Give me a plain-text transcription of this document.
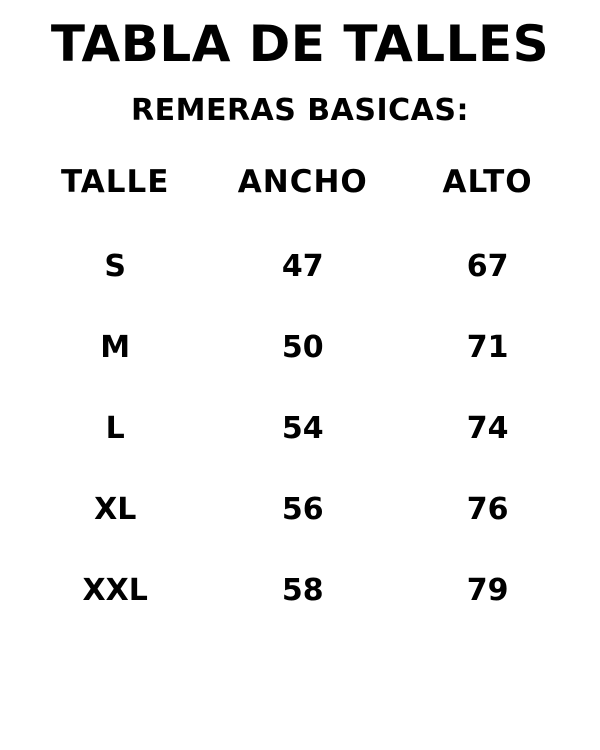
TABLA DE TALLES
REMERAS BASICAS:
TALLE	ANCHO	ALTO
S	47	67
M	50	71
L	54	74
XL	56	76
XXL	58	79
